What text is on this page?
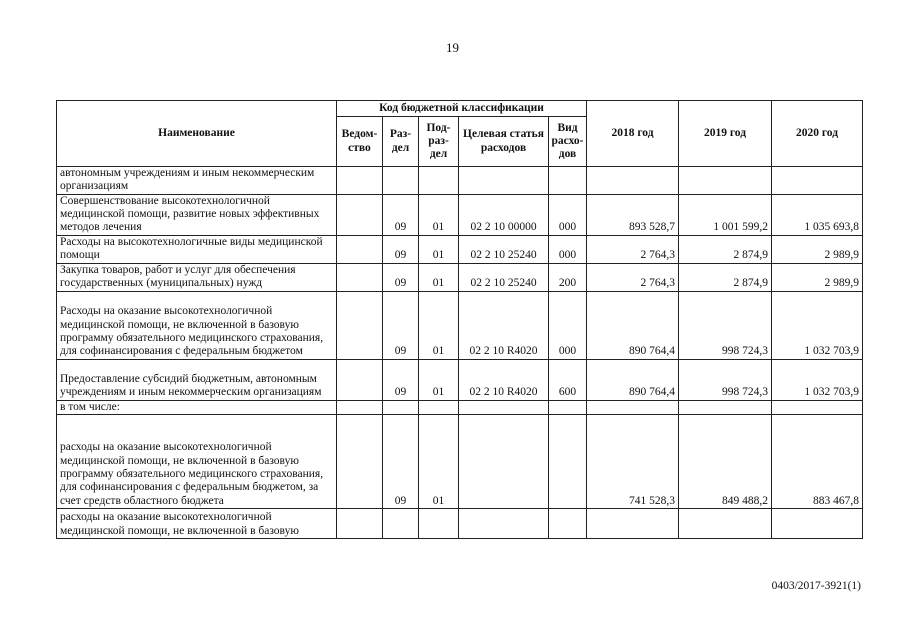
19
Наименование	Код бюджетной классификации					2018 год	2019 год	2020 год
	Ведом-ство	Раз-дел	Под-раз-дел	Целевая статья расходов	Вид расхо-дов			
автономным учреждениям и иным некоммерческим организациям								
Совершенствование высокотехнологичной медицинской помощи, развитие новых эффективных методов лечения		09	01	02 2 10 00000	000	893 528,7	1 001 599,2	1 035 693,8
Расходы на высокотехнологичные виды медицинской помощи		09	01	02 2 10 25240	000	2 764,3	2 874,9	2 989,9
Закупка товаров, работ и услуг для обеспечения государственных (муниципальных) нужд		09	01	02 2 10 25240	200	2 764,3	2 874,9	2 989,9
Расходы на оказание высокотехнологичной медицинской помощи, не включенной в базовую программу обязательного медицинского страхования, для софинансирования с федеральным бюджетом		09	01	02 2 10 R4020	000	890 764,4	998 724,3	1 032 703,9
Предоставление субсидий бюджетным, автономным учреждениям и иным некоммерческим организациям		09	01	02 2 10 R4020	600	890 764,4	998 724,3	1 032 703,9
в том числе:								
расходы на оказание высокотехнологичной медицинской помощи, не включенной в базовую программу обязательного медицинского страхования, для софинансирования с федеральным бюджетом, за счет средств областного бюджета		09	01			741 528,3	849 488,2	883 467,8
расходы на оказание высокотехнологичной медицинской помощи, не включенной в базовую								
0403/2017-3921(1)
